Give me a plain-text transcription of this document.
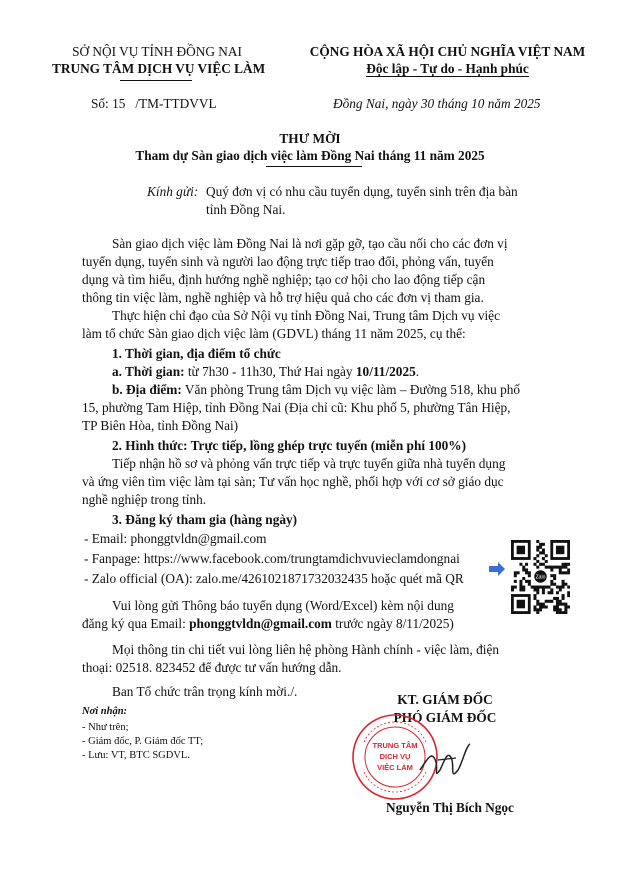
SỞ NỘI VỤ TỈNH ĐỒNG NAI
TRUNG TÂM DỊCH VỤ VIỆC LÀM
Số: 15 /TM-TTDVVL
CỘNG HÒA XÃ HỘI CHỦ NGHĨA VIỆT NAM
Độc lập - Tự do - Hạnh phúc
Đồng Nai, ngày 30 tháng 10 năm 2025
THƯ MỜI
Tham dự Sàn giao dịch việc làm Đồng Nai tháng 11 năm 2025
Kính gửi: Quý đơn vị có nhu cầu tuyển dụng, tuyển sinh trên địa bàn
tỉnh Đồng Nai.
Sàn giao dịch việc làm Đồng Nai là nơi gặp gỡ, tạo cầu nối cho các đơn vị
tuyển dụng, tuyển sinh và người lao động trực tiếp trao đổi, phỏng vấn, tuyển
dụng và tìm hiểu, định hướng nghề nghiệp; tạo cơ hội cho lao động tiếp cận
thông tin việc làm, nghề nghiệp và hỗ trợ hiệu quả cho các đơn vị tham gia.
Thực hiện chỉ đạo của Sở Nội vụ tỉnh Đồng Nai, Trung tâm Dịch vụ việc
làm tổ chức Sàn giao dịch việc làm (GDVL) tháng 11 năm 2025, cụ thể:
1. Thời gian, địa điểm tổ chức
a. Thời gian: từ 7h30 - 11h30, Thứ Hai ngày 10/11/2025.
b. Địa điểm: Văn phòng Trung tâm Dịch vụ việc làm – Đường 518, khu phố
15, phường Tam Hiệp, tỉnh Đồng Nai (Địa chỉ cũ: Khu phố 5, phường Tân Hiệp,
TP Biên Hòa, tỉnh Đồng Nai)
2. Hình thức: Trực tiếp, lồng ghép trực tuyến (miễn phí 100%)
Tiếp nhận hồ sơ và phỏng vấn trực tiếp và trực tuyến giữa nhà tuyển dụng
và ứng viên tìm việc làm tại sàn; Tư vấn học nghề, phối hợp với cơ sở giáo dục
nghề nghiệp trong tỉnh.
3. Đăng ký tham gia (hàng ngày)
- Email: phonggtvldn@gmail.com
- Fanpage: https://www.facebook.com/trungtamdichvuvieclamdongnai
- Zalo official (OA): zalo.me/4261021871732032435 hoặc quét mã QR	Zalo
Vui lòng gửi Thông báo tuyển dụng (Word/Excel) kèm nội dung
đăng ký qua Email: phonggtvldn@gmail.com trước ngày 8/11/2025)
Mọi thông tin chi tiết vui lòng liên hệ phòng Hành chính - việc làm, điện
thoại: 02518. 823452 để được tư vấn hướng dẫn.
Ban Tổ chức trân trọng kính mời./.
Nơi nhận:
- Như trên;
- Giám đốc, P. Giám đốc TT;
- Lưu: VT, BTC SGDVL.
KT. GIÁM ĐỐC
PHÓ GIÁM ĐỐC
TRUNG TÂM
DỊCH VỤ
VIỆC LÀM
Nguyễn Thị Bích Ngọc
